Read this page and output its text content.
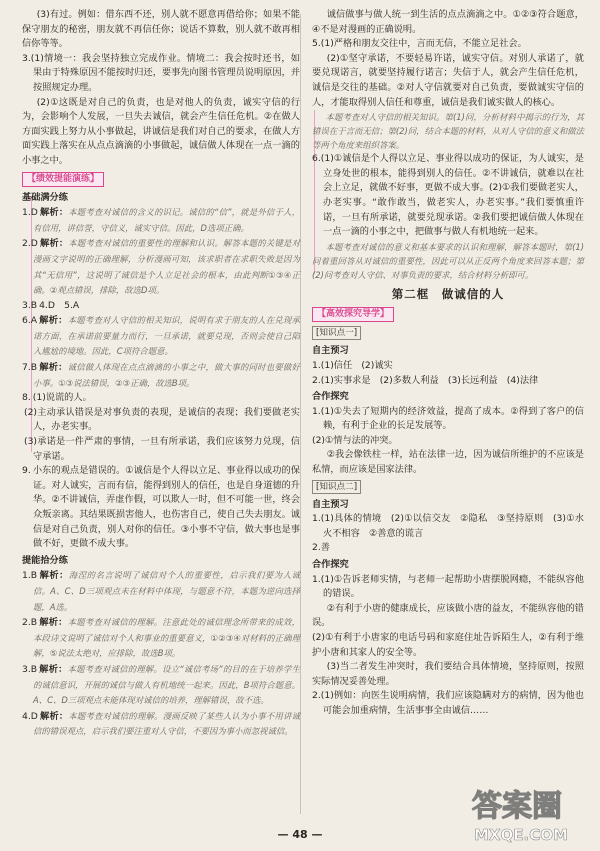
(3)有过。例如：借东西不还，别人就不愿意再借给你；如果不能保守朋友的秘密，朋友就不再信任你；说话不算数，别人就不敢再相信你等等。

3.(1)情境一：我会坚持独立完成作业。情境二：我会按时还书，如果由于特殊原因不能按时归还，要事先向图书管理员说明原因，并按照规定办理。

(2)①这既是对自己的负责，也是对他人的负责，诚实守信的行为，会影响个人发展，一旦失去诚信，就会产生信任危机。②在做人方面实践上努力从小事做起，讲诚信是我们对自己的要求，在做人方面实践上落实在从点点滴滴的小事做起，诚信做人体现在一点一滴的小事之中。

【绩效提能演练】
基础满分练

1.D 解析：本题考查对诚信的含义的识记。诚信的“信”，就是外信于人，有信用，讲信誉，守信义，诚实守信。因此，D选项正确。

2.D 解析：本题考查对诚信的重要性的理解和认识。解答本题的关键是对漫画文字说明的正确理解，分析漫画可知，该求职者在求职失败是因为其“无信用”，这说明了诚信是个人立足社会的根本，由此判断①③④正确。②观点错误，排除，故选D项。

3.B 4.D　5.A

6.A 解析：本题考查对人守信的相关知识，说明有求于朋友的人在兑现承诺方面，在承诺前要量力而行，一旦承诺，就要兑现，否则会使自己陷入尴尬的境地。因此，C项符合题意。

7.B 解析：诚信做人体现在点点滴滴的小事之中，做大事的同时也要做好小事。①③说法错误，②③正确，故选B项。

8. (1)说谎的人。

(2)主动承认错误是对事负责的表现，是诚信的表现；我们要做老实人，办老实事。

(3)承诺是一件严肃的事情，一旦有所承诺，我们应该努力兑现，信守承诺。

9. 小东的观点是错误的。①诚信是个人得以立足、事业得以成功的保证。对人诚实，言而有信，能得到别人的信任，也是自身道德的升华。②不讲诚信，弄虚作假，可以欺人一时，但不可能一世，终会众叛亲离。其结果既损害他人，也伤害自己，使自己失去朋友。诚信是对自己负责，别人对你的信任。③小事不守信，做大事也是事做不好，更做不成大事。

提能拾分练

1.B 解析：海涅的名言说明了诚信对个人的重要性，启示我们要为人诚信。A、C、D三项观点未在材料中体现，与题意不符，本题为逆向选择题，A选。

2.B 解析：本题考查对诚信的理解。注意此处的诚信理念所带来的成效，本段诗文说明了诚信对个人和事业的重要意义，①②③④对材料的正确理解，⑤说法太绝对，应排除，故选B项。

3.B 解析：本题考查对诚信的理解。设立“诚信考场”的目的在于培养学生的诚信意识，开展的诚信与做人有机地统一起来。因此，B项符合题意。A、C、D三项观点未能体现对诚信的培养，理解错误，故不选。

4.D 解析：本题考查对诚信的理解。漫画反映了某些人认为小事不用讲诚信的错误观点，启示我们要注重对人守信，不要因为事小而忽视诚信。

诚信做事与做人统一到生活的点点滴滴之中。①②③符合题意，④不是对漫画的正确说明。

5.(1)严格和朋友交往中，言而无信，不能立足社会。

(2)①坚守承诺，不要轻易许诺，诚实守信。对别人承诺了，就要兑现诺言，就要坚持履行诺言；失信于人，就会产生信任危机，诚信是交往的基础。②对人守信就要对自己负责，要做诚实守信的人，才能取得别人信任和尊重，诚信是我们诚实做人的核心。

本题考查对人守信的相关知识。第(1)问，分析材料中揭示的行为，其错误在于言而无信；第(2)问，结合本题的材料，从对人守信的意义和做法等两个角度来组织答案。

6.(1)①诚信是个人得以立足、事业得以成功的保证，为人诚实，是立身处世的根本，能得到别人的信任。②不讲诚信，就难以在社会上立足，就做不好事，更做不成大事。(2)①我们要做老实人，办老实事。“敢作敢当，做老实人，办老实事。”我们要慎重许诺，一旦有所承诺，就要兑现承诺。②我们要把诚信做人体现在一点一滴的小事之中，把做事与做人有机地统一起来。

本题考查对诚信的意义和基本要求的认识和理解，解答本题时，第(1)问着重回答从对诚信的重要性，因此可以从正反两个角度来回答本题；第(2)问考查对人守信、对事负责的要求，结合材料分析即可。

第二框　做诚信的人
【高效探究导学】
[知识点一]
自主预习

1.(1)信任　(2)诚实

2.(1)实事求是　(2)多数人利益　(3)长远利益　(4)法律

合作探究

1.(1)①失去了短期内的经济效益，提高了成本。②得到了客户的信赖，有利于企业的长足发展等。

(2)①情与法的冲突。

②我会像铁柱一样，站在法律一边，因为诚信所维护的不应该是私情，而应该是国家法律。

[知识点二]
自主预习

1.(1)具体的情境　(2)①以信交友　②隐私　③坚持原则　(3)①水火不相容　②善意的谎言

2.善

合作探究

1.(1)①告诉老师实情，与老师一起帮助小唐摆脱网瘾，不能纵容他的错误。

②有利于小唐的健康成长，应该做小唐的益友，不能纵容他的错误。

(2)①有利于小唐家的电话号码和家庭住址告诉陌生人，②有利于维护小唐和其家人的安全等。

(3)当二者发生冲突时，我们要结合具体情境，坚持原则，按照实际情况妥善处理。

2.(1)例如：向医生说明病情，我们应该隐瞒对方的病情，因为他也可能会加重病情，生活事事全由诚信……

— 48 —
答案圈
MXQE.COM
